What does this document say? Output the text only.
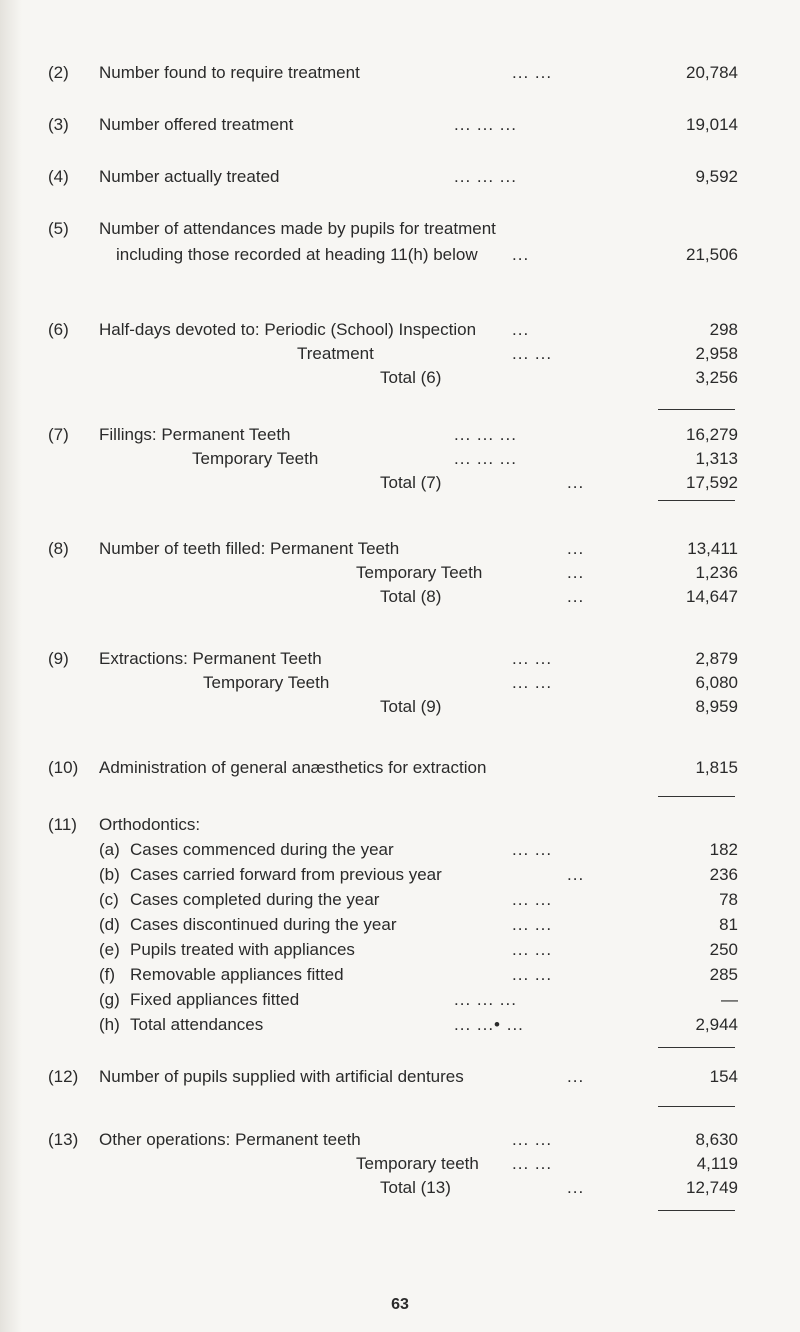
(2) Number found to require treatment	... ...	20,784
(3) Number offered treatment	... ... ...	19,014
(4) Number actually treated	... ... ...	9,592
(5) Number of attendances made by pupils for treatment
including those recorded at heading 11(h) below ...	21,506
(6) Half-days devoted to: Periodic (School) Inspection ...	298
Treatment	... ...	2,958
Total (6)	3,256
(7) Fillings: Permanent Teeth	... ... ...	16,279
Temporary Teeth	... ... ...	1,313
Total (7)	...	17,592
(8) Number of teeth filled: Permanent Teeth	...	13,411
Temporary Teeth	...	1,236
Total (8)	...	14,647
(9) Extractions: Permanent Teeth	... ...	2,879
Temporary Teeth	... ...	6,080
Total (9)	8,959
(10) Administration of general anæsthetics for extraction	1,815
(11) Orthodontics:
(a) Cases commenced during the year	... ...	182
(b) Cases carried forward from previous year	...	236
(c) Cases completed during the year	... ...	78
(d) Cases discontinued during the year	... ...	81
(e) Pupils treated with appliances	... ...	250
(f) Removable appliances fitted	... ...	285
(g) Fixed appliances fitted	... ... ...	—
(h) Total attendances	... ...• ...	2,944
(12) Number of pupils supplied with artificial dentures	...	154
(13) Other operations: Permanent teeth	... ...	8,630
Temporary teeth ... ...	4,119
Total (13)	...	12,749
63
